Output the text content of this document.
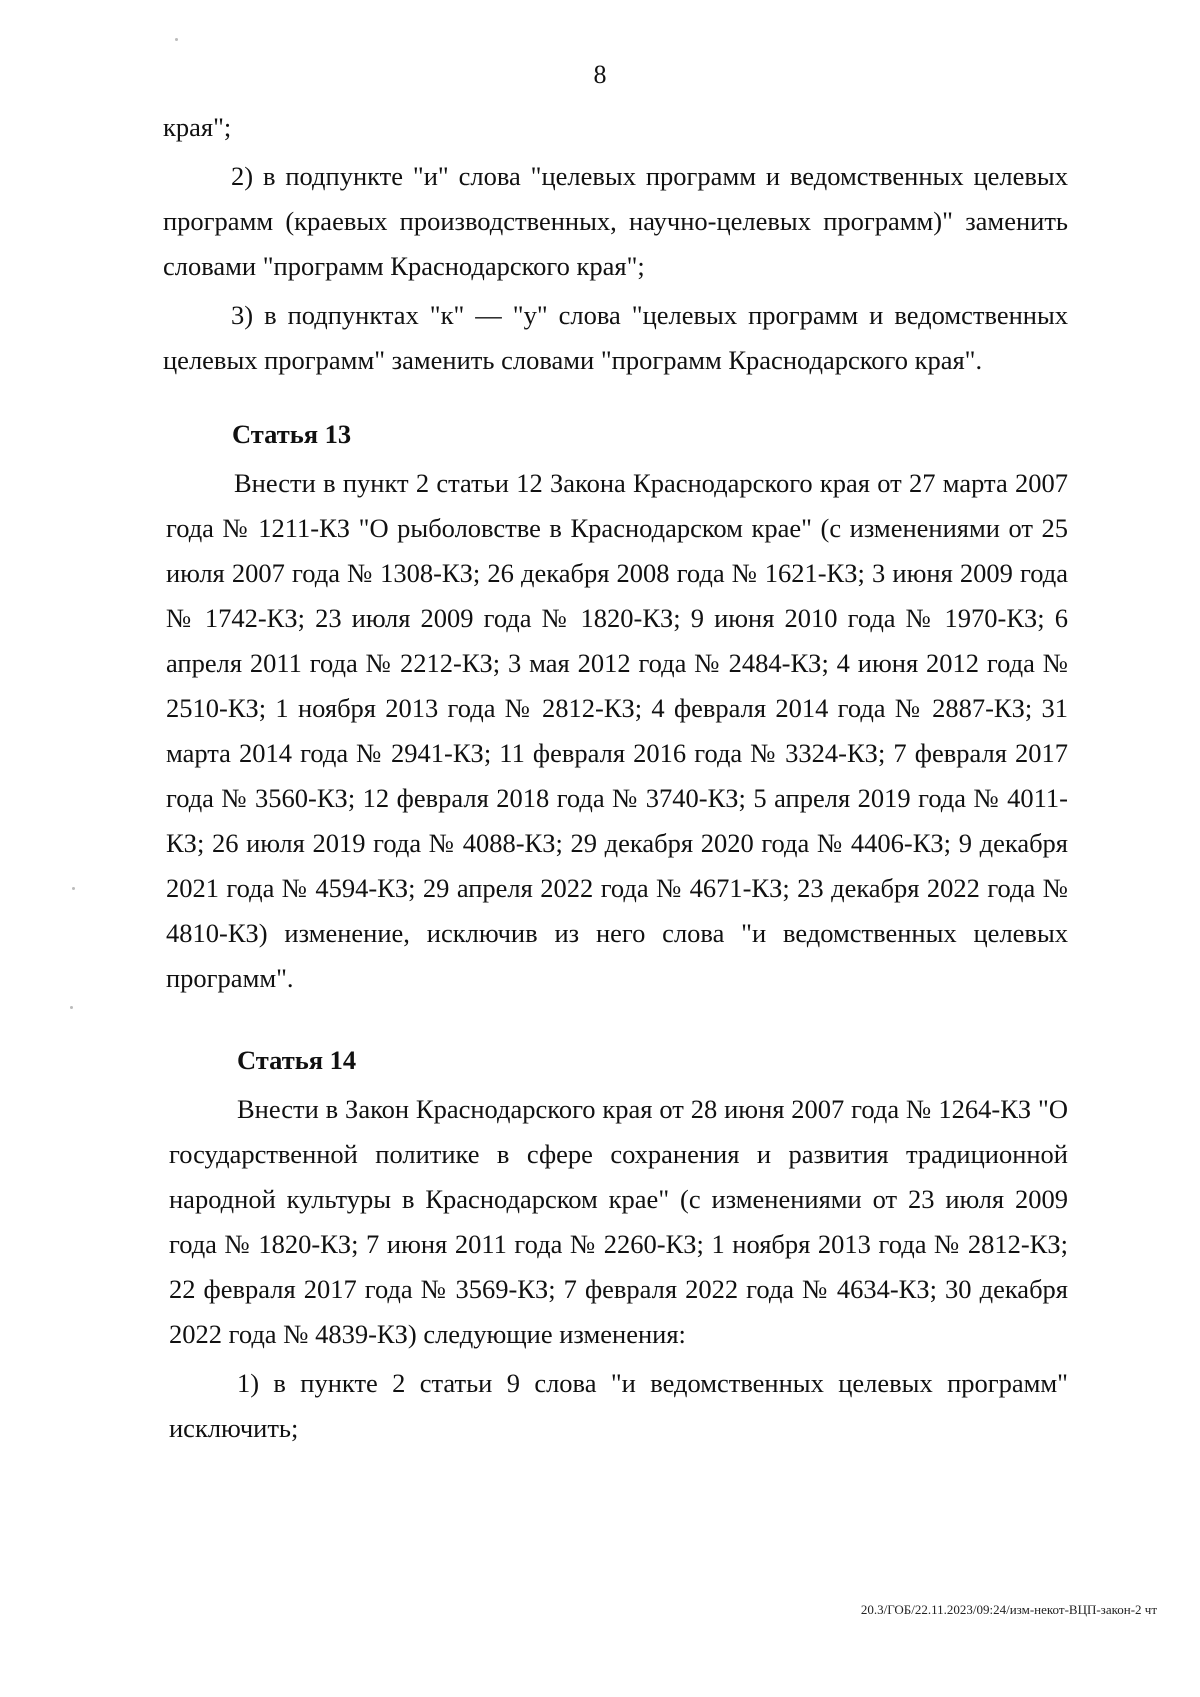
8

края";

2) в подпункте "и" слова "целевых программ и ведомственных целевых программ (краевых производственных, научно-целевых программ)" заменить словами "программ Краснодарского края";

3) в подпунктах "к" — "у" слова "целевых программ и ведомственных целевых программ" заменить словами "программ Краснодарского края".

Статья 13

Внести в пункт 2 статьи 12 Закона Краснодарского края от 27 марта 2007 года № 1211-КЗ "О рыболовстве в Краснодарском крае" (с изменениями от 25 июля 2007 года № 1308-КЗ; 26 декабря 2008 года № 1621-КЗ; 3 июня 2009 года № 1742-КЗ; 23 июля 2009 года № 1820-КЗ; 9 июня 2010 года № 1970-КЗ; 6 апреля 2011 года № 2212-КЗ; 3 мая 2012 года № 2484-КЗ; 4 июня 2012 года № 2510-КЗ; 1 ноября 2013 года № 2812-КЗ; 4 февраля 2014 года № 2887-КЗ; 31 марта 2014 года № 2941-КЗ; 11 февраля 2016 года № 3324-КЗ; 7 февраля 2017 года № 3560-КЗ; 12 февраля 2018 года № 3740-КЗ; 5 апреля 2019 года № 4011-КЗ; 26 июля 2019 года № 4088-КЗ; 29 декабря 2020 года № 4406-КЗ; 9 декабря 2021 года № 4594-КЗ; 29 апреля 2022 года № 4671-КЗ; 23 декабря 2022 года № 4810-КЗ) изменение, исключив из него слова "и ведомственных целевых программ".

Статья 14

Внести в Закон Краснодарского края от 28 июня 2007 года № 1264-КЗ "О государственной политике в сфере сохранения и развития традиционной народной культуры в Краснодарском крае" (с изменениями от 23 июля 2009 года № 1820-КЗ; 7 июня 2011 года № 2260-КЗ; 1 ноября 2013 года № 2812-КЗ; 22 февраля 2017 года № 3569-КЗ; 7 февраля 2022 года № 4634-КЗ; 30 декабря 2022 года № 4839-КЗ) следующие изменения:

1) в пункте 2 статьи 9 слова "и ведомственных целевых программ" исключить;

20.3/ГОБ/22.11.2023/09:24/изм-некот-ВЦП-закон-2 чт
